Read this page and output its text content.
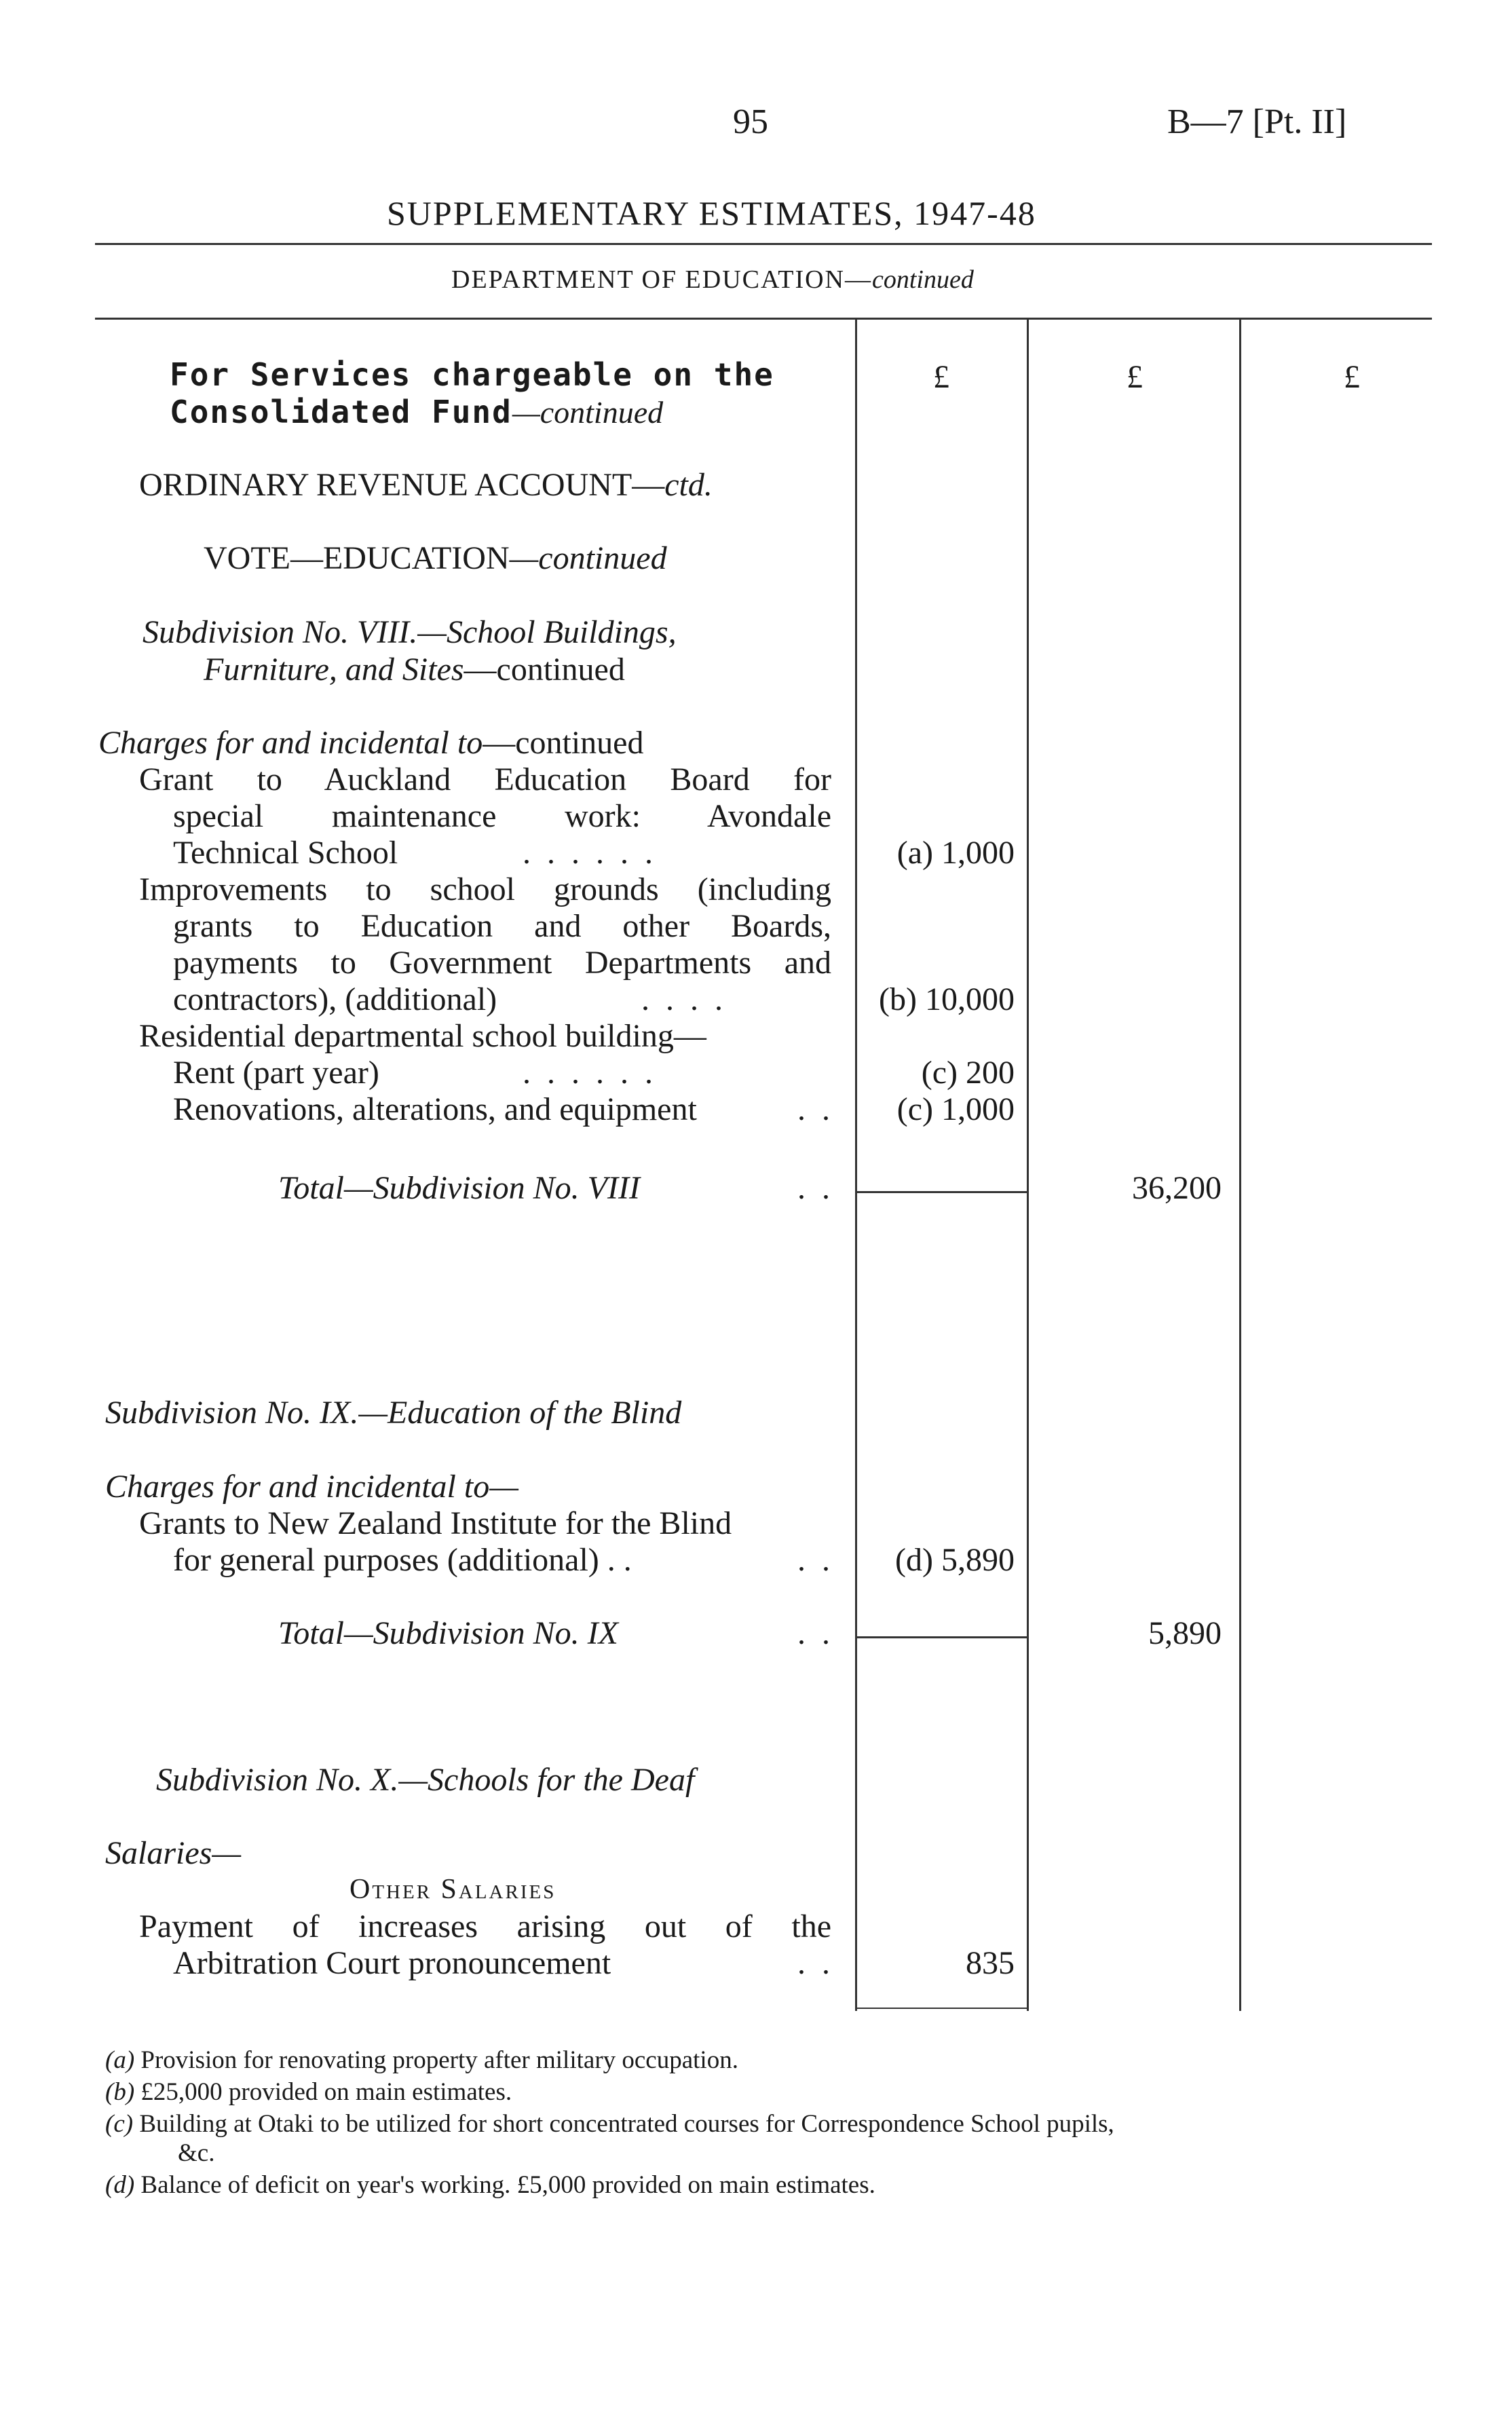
95	B—7 [Pt. II]
SUPPLEMENTARY ESTIMATES, 1947-48
DEPARTMENT OF EDUCATION—continued
£	£	£
For Services chargeable on the
Consolidated Fund—continued
ORDINARY REVENUE ACCOUNT—ctd.
VOTE—EDUCATION—continued
Subdivision No. VIII.—School Buildings,
Furniture, and Sites—continued
Charges for and incidental to—continued
Grant to Auckland Education Board for
special maintenance work: Avondale
Technical School	. . . . . .	(a) 1,000
Improvements to school grounds (including
grants to Education and other Boards,
payments to Government Departments and
contractors), (additional)	. . . .	(b) 10,000
Residential departmental school building—
Rent (part year)	. . . . . .	(c) 200
Renovations, alterations, and equipment	. .	(c) 1,000
Total—Subdivision No. VIII	. .	36,200
Subdivision No. IX.—Education of the Blind
Charges for and incidental to—
Grants to New Zealand Institute for the Blind
for general purposes (additional) . .	. .	(d) 5,890
Total—Subdivision No. IX	. .	5,890
Subdivision No. X.—Schools for the Deaf
Salaries—
Other Salaries
Payment of increases arising out of the
Arbitration Court pronouncement	. .	835
(a) Provision for renovating property after military occupation.
(b) £25,000 provided on main estimates.
(c) Building at Otaki to be utilized for short concentrated courses for Correspondence School pupils,
&c.
(d) Balance of deficit on year's working. £5,000 provided on main estimates.
